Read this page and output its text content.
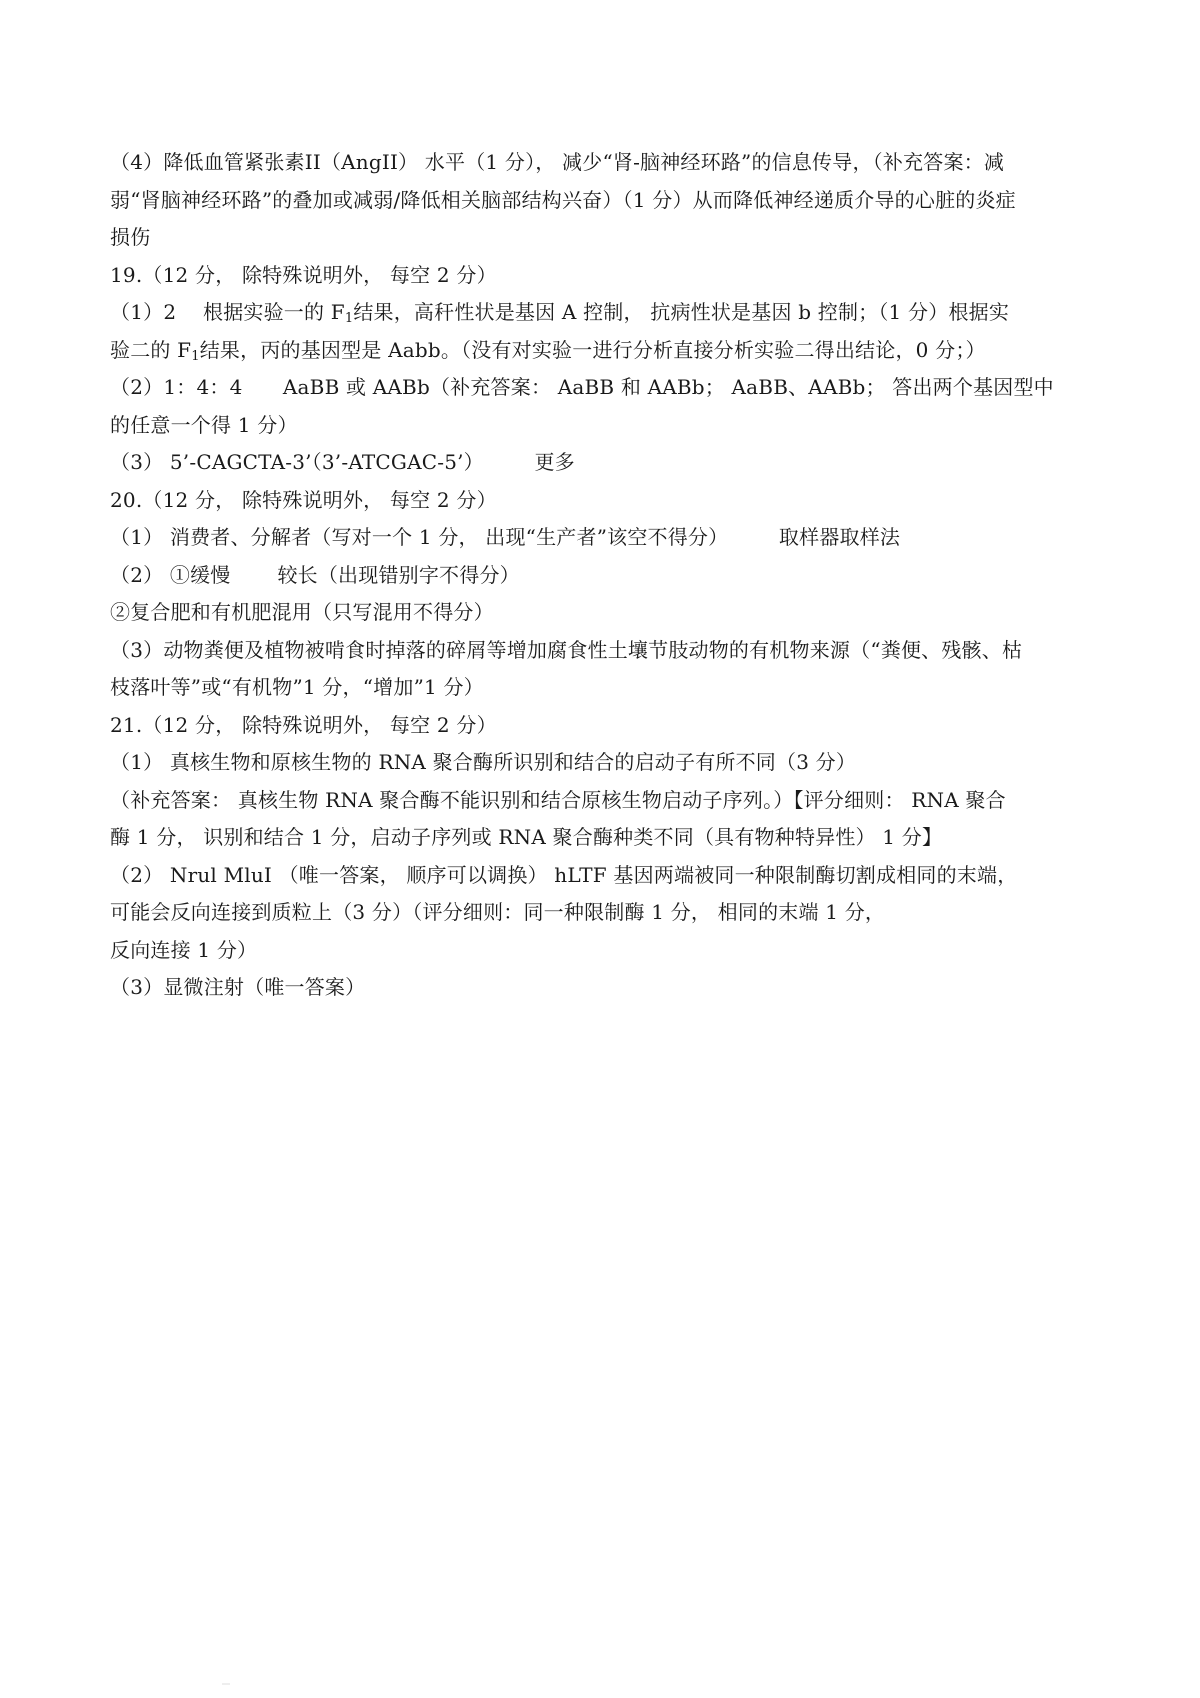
（4）降低血管紧张素II（AngII） 水平（1 分）， 减少“肾-脑神经环路”的信息传导，（补充答案：减
弱“肾脑神经环路”的叠加或减弱/降低相关脑部结构兴奋）（1 分）从而降低神经递质介导的心脏的炎症
损伤
19.（12 分， 除特殊说明外， 每空 2 分）
（1）2　 根据实验一的 $F_1$结果，高秆性状是基因 A 控制， 抗病性状是基因 b 控制；（1 分）根据实
验二的 $F_1$结果，丙的基因型是 Aabb。（没有对实验一进行分析直接分析实验二得出结论，0 分；）
（2）1：4：4　　AaBB 或 AABb（补充答案： AaBB 和 AABb； AaBB、AABb； 答出两个基因型中
的任意一个得 1 分）
（3） 5’-CAGCTA-3’（3’-ATCGAC-5’）　　　更多
20.（12 分， 除特殊说明外， 每空 2 分）
（1） 消费者、分解者（写对一个 1 分， 出现“生产者”该空不得分）　　　取样器取样法
（2） ①缓慢　　 较长（出现错别字不得分）
②复合肥和有机肥混用（只写混用不得分）
（3）动物粪便及植物被啃食时掉落的碎屑等增加腐食性土壤节肢动物的有机物来源（“粪便、残骸、枯
枝落叶等”或“有机物”1 分，“增加”1 分）
21.（12 分， 除特殊说明外， 每空 2 分）
（1） 真核生物和原核生物的 RNA 聚合酶所识别和结合的启动子有所不同（3 分）
（补充答案： 真核生物 RNA 聚合酶不能识别和结合原核生物启动子序列。）【评分细则： RNA 聚合
酶 1 分， 识别和结合 1 分，启动子序列或 RNA 聚合酶种类不同（具有物种特异性） 1 分】
（2） Nrul MluI （唯一答案， 顺序可以调换） hLTF 基因两端被同一种限制酶切割成相同的末端，
可能会反向连接到质粒上（3 分）（评分细则：同一种限制酶 1 分， 相同的末端 1 分，
反向连接 1 分）
（3）显微注射（唯一答案）
